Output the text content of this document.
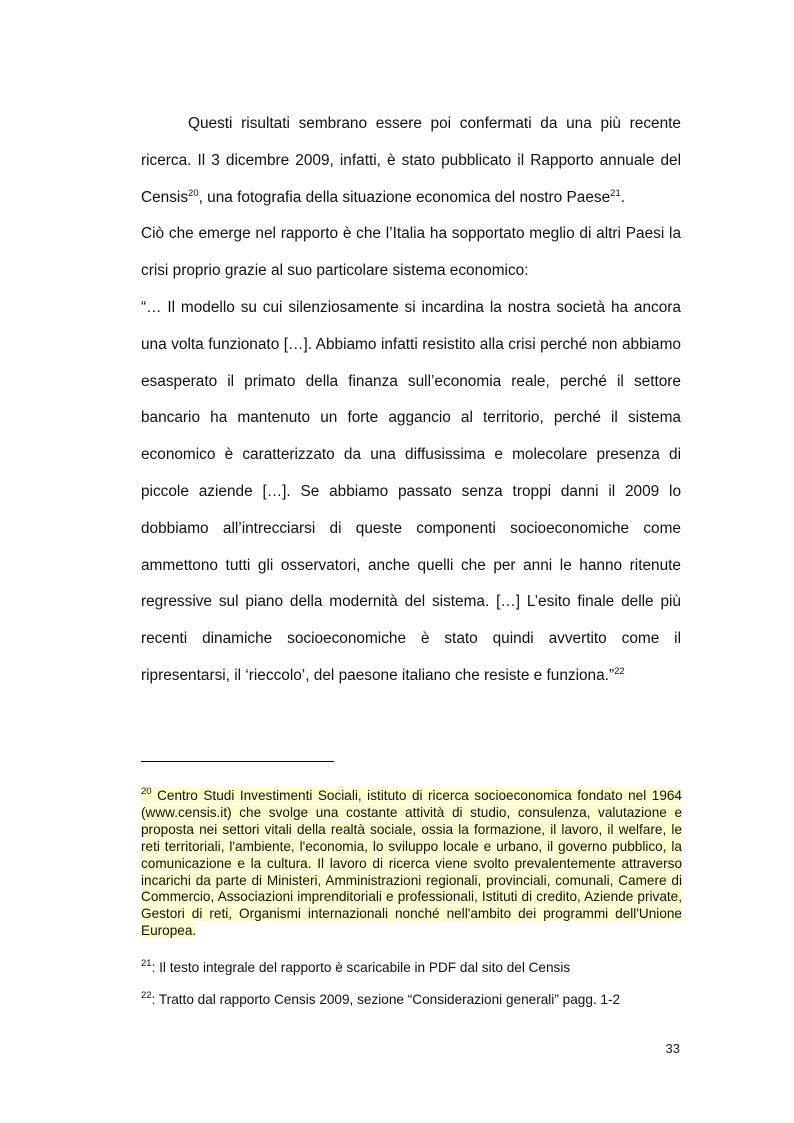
Questi risultati sembrano essere poi confermati da una più recente ricerca. Il 3 dicembre 2009, infatti, è stato pubblicato il Rapporto annuale del Censis$^{20}$, una fotografia della situazione economica del nostro Paese$^{21}$.

Ciò che emerge nel rapporto è che l’Italia ha sopportato meglio di altri Paesi la crisi proprio grazie al suo particolare sistema economico:

“… Il modello su cui silenziosamente si incardina la nostra società ha ancora una volta funzionato […]. Abbiamo infatti resistito alla crisi perché non abbiamo esasperato il primato della finanza sull’economia reale, perché il settore bancario ha mantenuto un forte aggancio al territorio, perché il sistema economico è caratterizzato da una diffusissima e molecolare presenza di piccole aziende […]. Se abbiamo passato senza troppi danni il 2009 lo dobbiamo all’intrecciarsi di queste componenti socioeconomiche come ammettono tutti gli osservatori, anche quelli che per anni le hanno ritenute regressive sul piano della modernità del sistema. […] L’esito finale delle più recenti dinamiche socioeconomiche è stato quindi avvertito come il ripresentarsi, il ‘rieccolo’, del paesone italiano che resiste e funziona.”$^{22}$

$^{20}$ Centro Studi Investimenti Sociali, istituto di ricerca socioeconomica fondato nel 1964 (www.censis.it) che svolge una costante attività di studio, consulenza, valutazione e proposta nei settori vitali della realtà sociale, ossia la formazione, il lavoro, il welfare, le reti territoriali, l'ambiente, l'economia, lo sviluppo locale e urbano, il governo pubblico, la comunicazione e la cultura. Il lavoro di ricerca viene svolto prevalentemente attraverso incarichi da parte di Ministeri, Amministrazioni regionali, provinciali, comunali, Camere di Commercio, Associazioni imprenditoriali e professionali, Istituti di credito, Aziende private, Gestori di reti, Organismi internazionali nonché nell'ambito dei programmi dell'Unione Europea.
$^{21}$: Il testo integrale del rapporto è scaricabile in PDF dal sito del Censis
$^{22}$: Tratto dal rapporto Censis 2009, sezione “Considerazioni generali” pagg. 1-2
33
